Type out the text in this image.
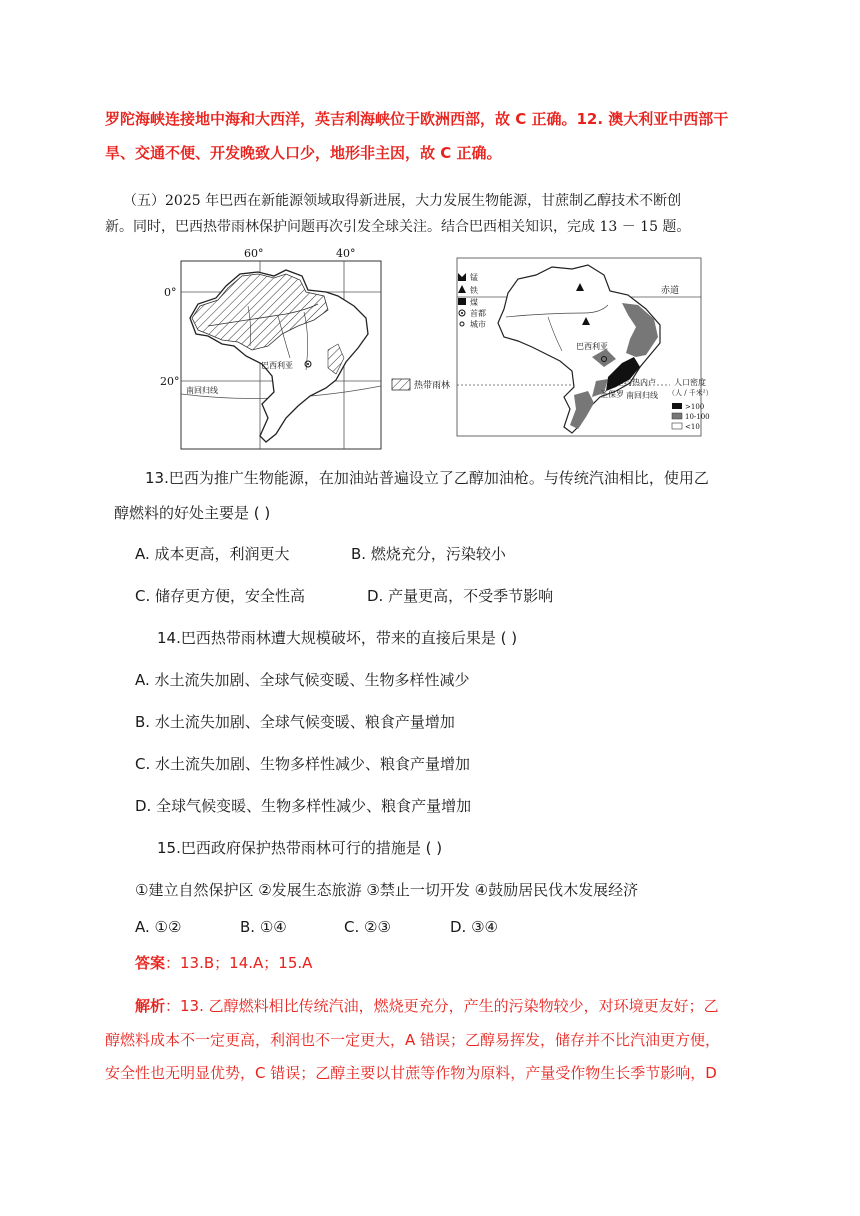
罗陀海峡连接地中海和大西洋，英吉利海峡位于欧洲西部，故 C 正确。12. 澳大利亚中西部干
旱、交通不便、开发晚致人口少，地形非主因，故 C 正确。
（五）2025 年巴西在新能源领域取得新进展，大力发展生物能源，甘蔗制乙醇技术不断创
新。同时，巴西热带雨林保护问题再次引发全球关注。结合巴西相关知识，完成 13 － 15 题。
巴西利亚
60°	40°
0°
20°
南回归线	热带雨林
赤道
巴西利亚
里约热内卢
圣保罗 南回归线
锰
铁
煤
首都
城市
人口密度
（人 / 千米²）
>100
10-100
<10
13.巴西为推广生物能源，在加油站普遍设立了乙醇加油枪。与传统汽油相比，使用乙
醇燃料的好处主要是 ( )
A. 成本更高，利润更大	B. 燃烧充分，污染较小
C. 储存更方便，安全性高	D. 产量更高，不受季节影响
14.巴西热带雨林遭大规模破坏，带来的直接后果是 ( )
A. 水土流失加剧、全球气候变暖、生物多样性减少
B. 水土流失加剧、全球气候变暖、粮食产量增加
C. 水土流失加剧、生物多样性减少、粮食产量增加
D. 全球气候变暖、生物多样性减少、粮食产量增加
15.巴西政府保护热带雨林可行的措施是 ( )
①建立自然保护区 ②发展生态旅游 ③禁止一切开发 ④鼓励居民伐木发展经济
A. ①②	B. ①④	C. ②③	D. ③④
答案：13.B；14.A；15.A
解析：13. 乙醇燃料相比传统汽油，燃烧更充分，产生的污染物较少，对环境更友好；乙
醇燃料成本不一定更高，利润也不一定更大，A 错误；乙醇易挥发，储存并不比汽油更方便，
安全性也无明显优势，C 错误；乙醇主要以甘蔗等作物为原料，产量受作物生长季节影响，D
